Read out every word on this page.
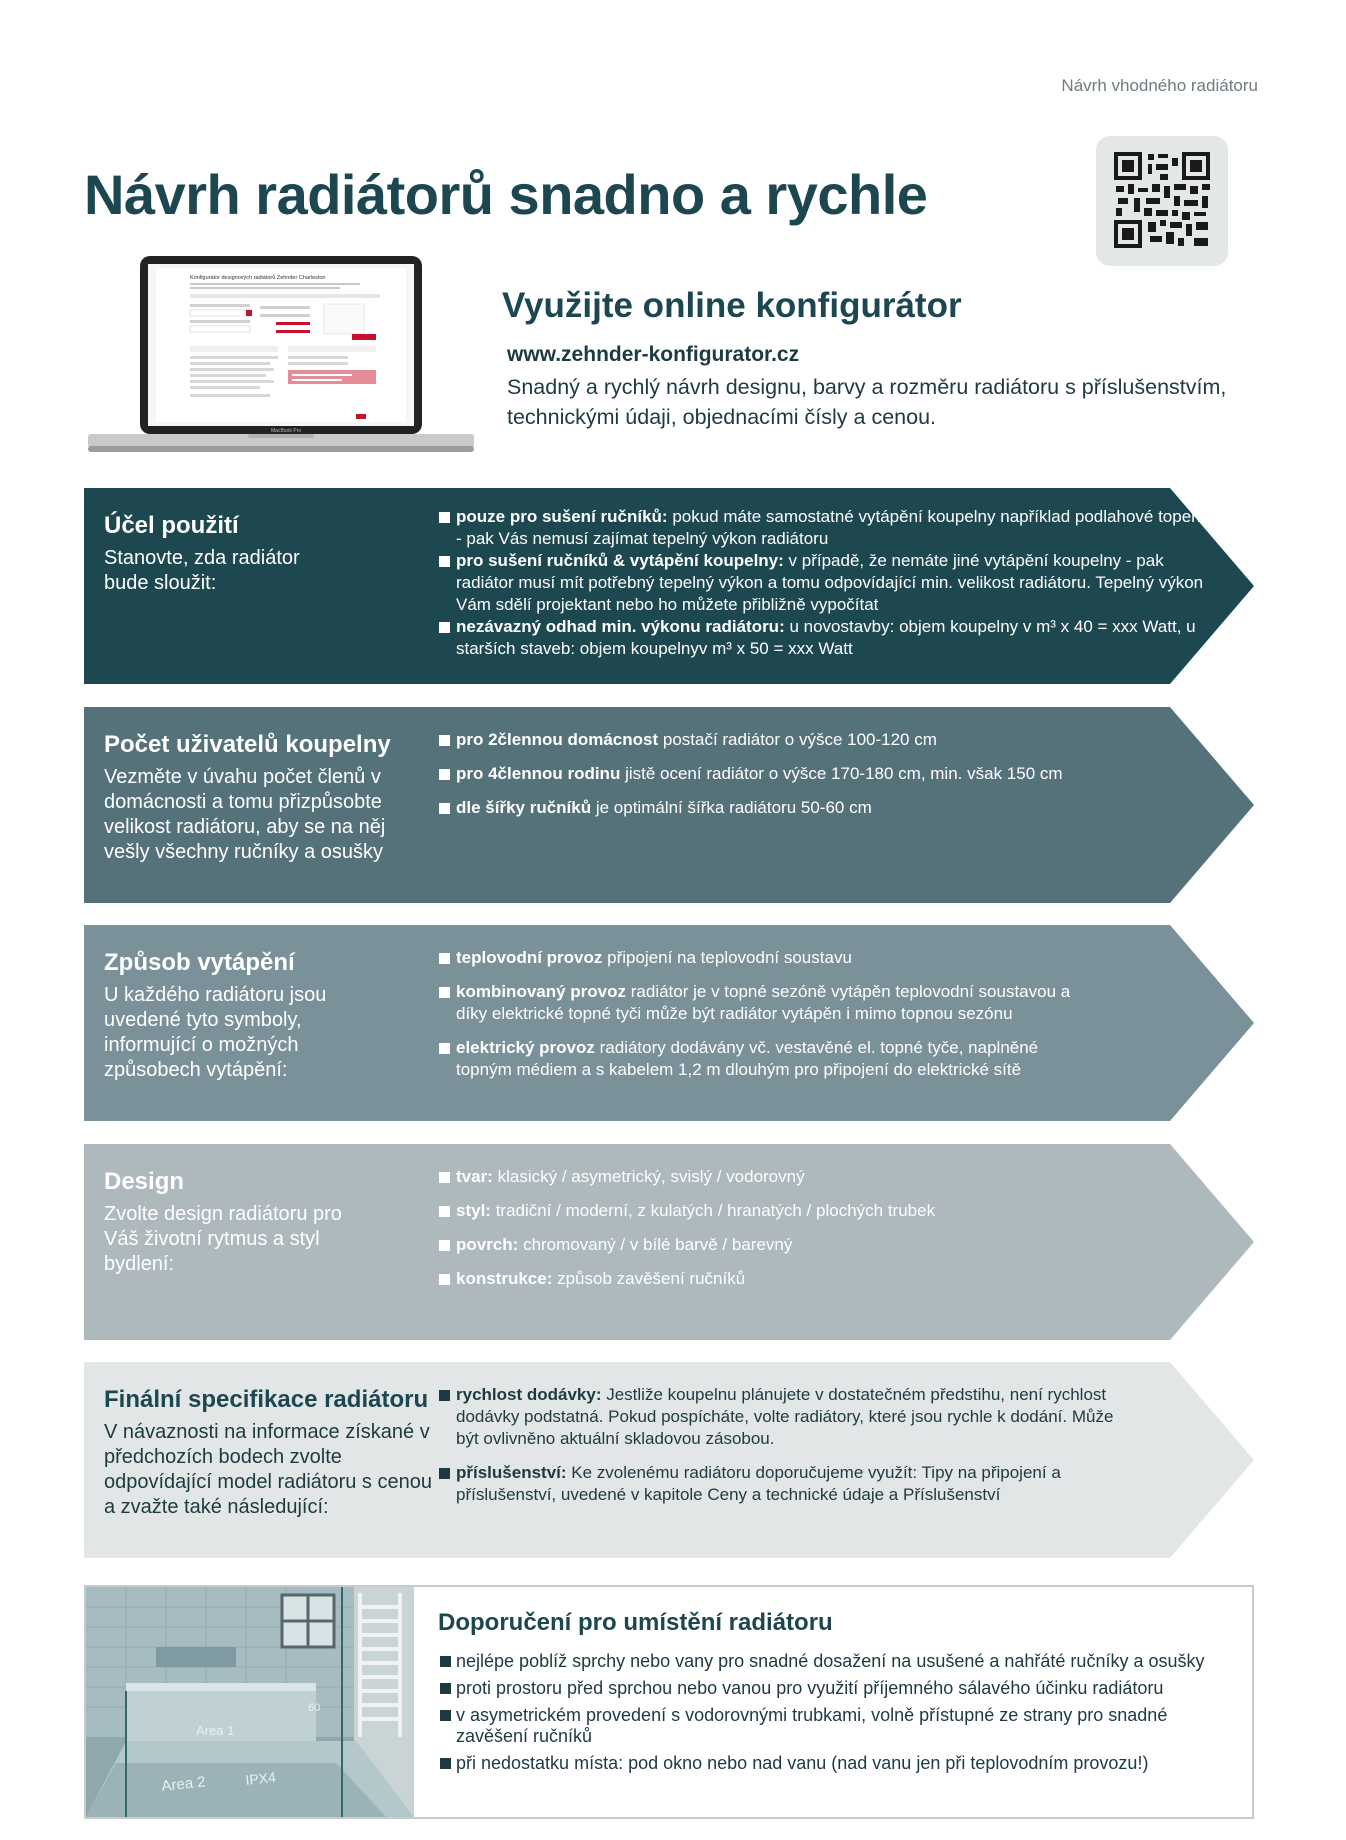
Návrh vhodného radiátoru
Návrh radiátorů snadno a rychle
Konfigurátor designových radiátorů Zehnder Charleston
MacBook Pro
Využijte online konfigurátor
www.zehnder-konfigurator.cz

Snadný a rychlý návrh designu, barvy a rozměru radiátoru s příslušenstvím, technickými údaji, objednacími čísly a cenou.

Účel použití
Stanovte, zda radiátor bude sloužit:
pouze pro sušení ručníků: pokud máte samostatné vytápění koupelny například podlahové topení - pak Vás nemusí zajímat tepelný výkon radiátoru
pro sušení ručníků & vytápění koupelny: v případě, že nemáte jiné vytápění koupelny - pak radiátor musí mít potřebný tepelný výkon a tomu odpovídající min. velikost radiátoru. Tepelný výkon Vám sdělí projektant nebo ho můžete přibližně vypočítat
nezávazný odhad min. výkonu radiátoru: u novostavby: objem koupelny v m³ x 40 = xxx Watt, u starších staveb: objem koupelnyv m³ x 50 = xxx Watt
Počet uživatelů koupelny
Vezměte v úvahu počet členů v domácnosti a tomu přizpůsobte velikost radiátoru, aby se na něj vešly všechny ručníky a osušky
pro 2člennou domácnost postačí radiátor o výšce 100-120 cm
pro 4člennou rodinu jistě ocení radiátor o výšce 170-180 cm, min. však 150 cm
dle šířky ručníků je optimální šířka radiátoru 50-60 cm
Způsob vytápění
U každého radiátoru jsou uvedené tyto symboly, informující o možných způsobech vytápění:
teplovodní provoz připojení na teplovodní soustavu
kombinovaný provoz radiátor je v topné sezóně vytápěn teplovodní soustavou a díky elektrické topné tyči může být radiátor vytápěn i mimo topnou sezónu
elektrický provoz radiátory dodávány vč. vestavěné el. topné tyče, naplněné topným médiem a s kabelem 1,2 m dlouhým pro připojení do elektrické sítě
Design
Zvolte design radiátoru pro Váš životní rytmus a styl bydlení:
tvar: klasický / asymetrický, svislý / vodorovný
styl: tradiční / moderní, z kulatých / hranatých / plochých trubek
povrch: chromovaný / v bílé barvě / barevný
konstrukce: způsob zavěšení ručníků
Finální specifikace radiátoru
V návaznosti na informace získané v předchozích bodech zvolte odpovídající model radiátoru s cenou a zvažte také následující:
rychlost dodávky: Jestliže koupelnu plánujete v dostatečném předstihu, není rychlost dodávky podstatná. Pokud pospícháte, volte radiátory, které jsou rychle k dodání. Může být ovlivněno aktuální skladovou zásobou.
příslušenství: Ke zvolenému radiátoru doporučujeme využít: Tipy na připojení a příslušenství, uvedené v kapitole Ceny a technické údaje a Příslušenství
Area 1
Area 2	IPX4
60
Doporučení pro umístění radiátoru
nejlépe poblíž sprchy nebo vany pro snadné dosažení na usušené a nahřáté ručníky a osušky
proti prostoru před sprchou nebo vanou pro využití příjemného sálavého účinku radiátoru
v asymetrickém provedení s vodorovnými trubkami, volně přístupné ze strany pro snadné zavěšení ručníků
při nedostatku místa: pod okno nebo nad vanu (nad vanu jen při teplovodním provozu!)
